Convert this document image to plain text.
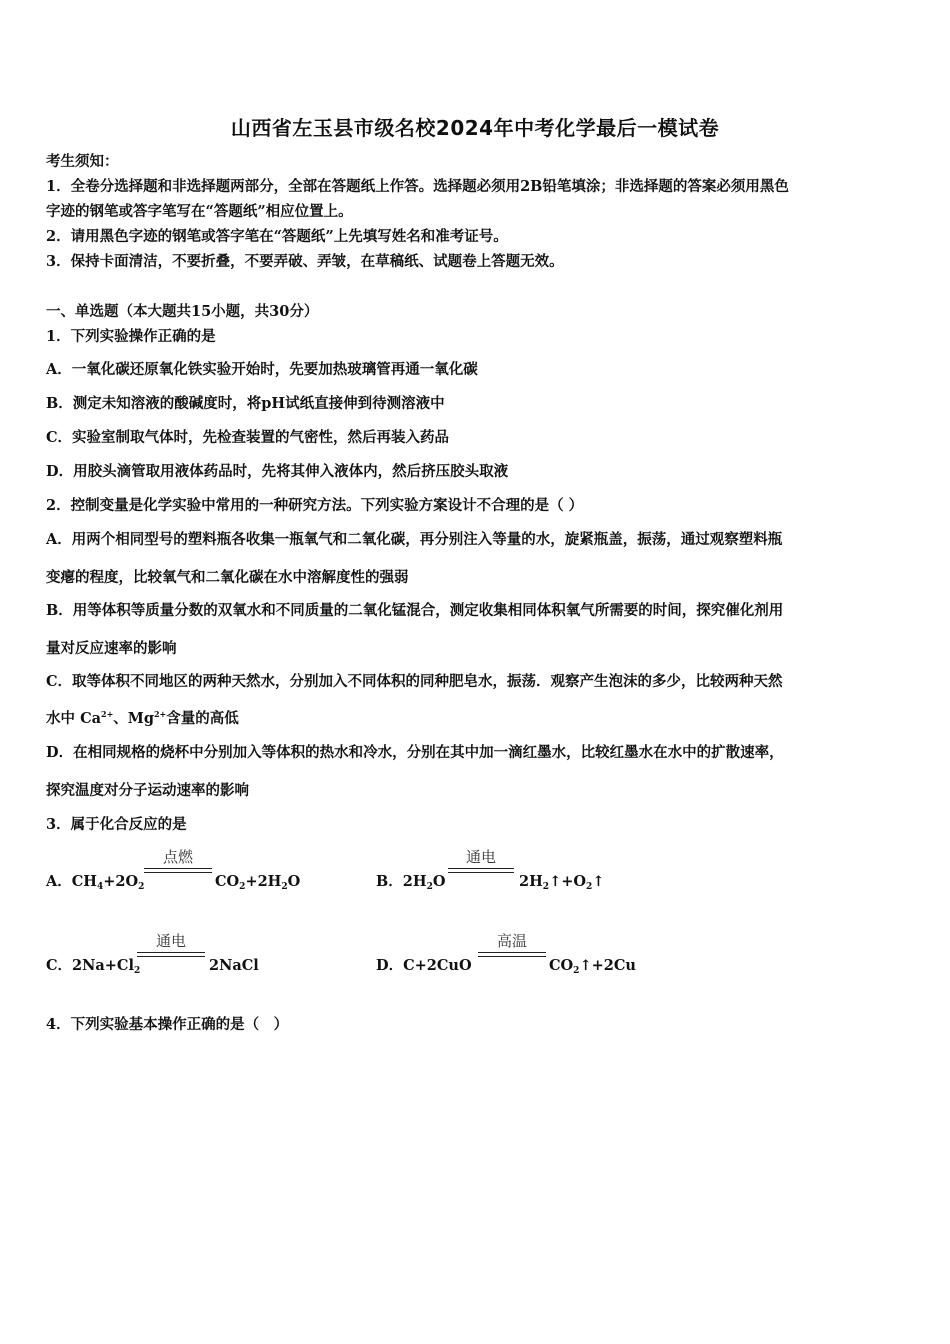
山西省左玉县市级名校2024年中考化学最后一模试卷
考生须知：
1．全卷分选择题和非选择题两部分，全部在答题纸上作答。选择题必须用2B铅笔填涂；非选择题的答案必须用黑色
字迹的钢笔或答字笔写在“答题纸”相应位置上。
2．请用黑色字迹的钢笔或答字笔在“答题纸”上先填写姓名和准考证号。
3．保持卡面清洁，不要折叠，不要弄破、弄皱，在草稿纸、试题卷上答题无效。
一、单选题（本大题共15小题，共30分）
1．下列实验操作正确的是
A．一氧化碳还原氧化铁实验开始时，先要加热玻璃管再通一氧化碳
B．测定未知溶液的酸碱度时，将pH试纸直接伸到待测溶液中
C．实验室制取气体时，先检查装置的气密性，然后再装入药品
D．用胶头滴管取用液体药品时，先将其伸入液体内，然后挤压胶头取液
2．控制变量是化学实验中常用的一种研究方法。下列实验方案设计不合理的是（ ）
A．用两个相同型号的塑料瓶各收集一瓶氧气和二氧化碳，再分别注入等量的水，旋紧瓶盖，振荡，通过观察塑料瓶
变瘪的程度，比较氧气和二氧化碳在水中溶解度性的强弱
B．用等体积等质量分数的双氧水和不同质量的二氧化锰混合，测定收集相同体积氧气所需要的时间，探究催化剂用
量对反应速率的影响
C．取等体积不同地区的两种天然水，分别加入不同体积的同种肥皂水，振荡．观察产生泡沫的多少，比较两种天然
水中 $Ca^{2+}$、$Mg^{2+}$含量的高低
D．在相同规格的烧杯中分别加入等体积的热水和冷水，分别在其中加一滴红墨水，比较红墨水在水中的扩散速率，
探究温度对分子运动速率的影响
3．属于化合反应的是
A．$CH_4+2O_2$
点燃
$CO_2+2H_2O$	B．$2H_2O$
通电
$2H_2↑+O_2↑$
C．$2Na+Cl_2$
通电
2NaCl	D．C+2CuO
高温
$CO_2↑+2Cu$
4．下列实验基本操作正确的是（　）
